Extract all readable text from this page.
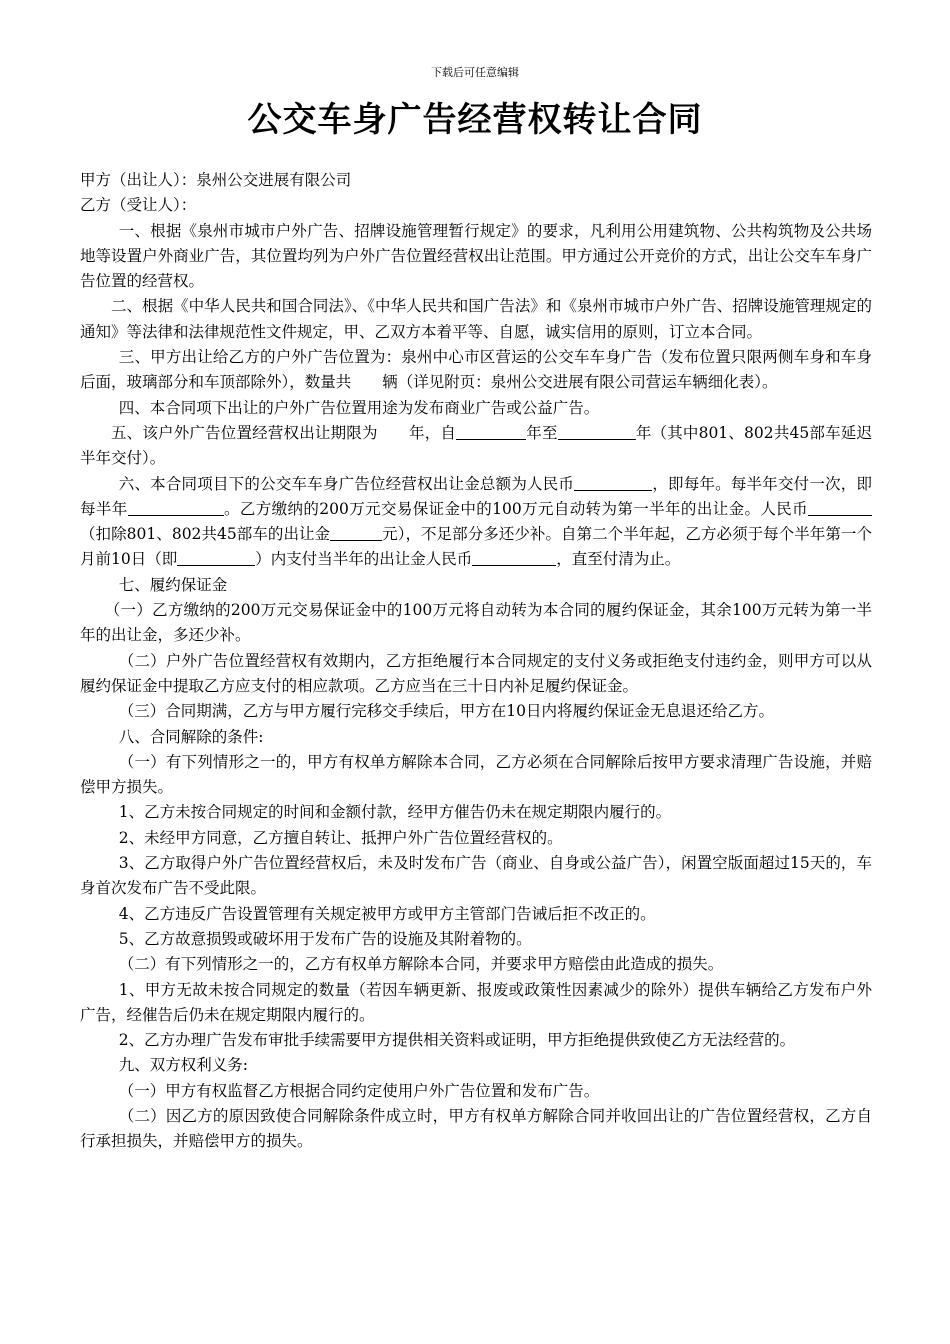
下载后可任意编辑
公交车身广告经营权转让合同

甲方（出让人）：泉州公交进展有限公司

乙方（受让人）：

一、根据《泉州市城市户外广告、招牌设施管理暂行规定》的要求，凡利用公用建筑物、公共构筑物及公共场地等设置户外商业广告，其位置均列为户外广告位置经营权出让范围。甲方通过公开竞价的方式，出让公交车车身广告位置的经营权。

二、根据《中华人民共和国合同法》、《中华人民共和国广告法》和《泉州市城市户外广告、招牌设施管理规定的通知》等法律和法律规范性文件规定，甲、乙双方本着平等、自愿，诚实信用的原则，订立本合同。

三、甲方出让给乙方的户外广告位置为：泉州中心市区营运的公交车车身广告（发布位置只限两侧车身和车身后面，玻璃部分和车顶部除外），数量共　　辆（详见附页：泉州公交进展有限公司营运车辆细化表）。

四、本合同项下出让的户外广告位置用途为发布商业广告或公益广告。

五、该户外广告位置经营权出让期限为　　年，自	年至	年（其中801、802共45部车延迟半年交付）。

六、本合同项目下的公交车车身广告位经营权出让金总额为人民币	，即每年。每半年交付一次，即每半年	。乙方缴纳的200万元交易保证金中的100万元自动转为第一半年的出让金。人民币（扣除801、802共45部车的出让金	元），不足部分多还少补。自第二个半年起，乙方必须于每个半年第一个月前10日（即	）内支付当半年的出让金人民币	，直至付清为止。

七、履约保证金

（一）乙方缴纳的200万元交易保证金中的100万元将自动转为本合同的履约保证金，其余100万元转为第一半年的出让金，多还少补。

（二）户外广告位置经营权有效期内，乙方拒绝履行本合同规定的支付义务或拒绝支付违约金，则甲方可以从履约保证金中提取乙方应支付的相应款项。乙方应当在三十日内补足履约保证金。

（三）合同期满，乙方与甲方履行完移交手续后，甲方在10日内将履约保证金无息退还给乙方。

八、合同解除的条件:

（一）有下列情形之一的，甲方有权单方解除本合同，乙方必须在合同解除后按甲方要求清理广告设施，并赔偿甲方损失。

1、乙方未按合同规定的时间和金额付款，经甲方催告仍未在规定期限内履行的。

2、未经甲方同意，乙方擅自转让、抵押户外广告位置经营权的。

3、乙方取得户外广告位置经营权后，未及时发布广告（商业、自身或公益广告），闲置空版面超过15天的，车身首次发布广告不受此限。

4、乙方违反广告设置管理有关规定被甲方或甲方主管部门告诫后拒不改正的。

5、乙方故意损毁或破坏用于发布广告的设施及其附着物的。

（二）有下列情形之一的，乙方有权单方解除本合同，并要求甲方赔偿由此造成的损失。

1、甲方无故未按合同规定的数量（若因车辆更新、报废或政策性因素减少的除外）提供车辆给乙方发布户外广告，经催告后仍未在规定期限内履行的。

2、乙方办理广告发布审批手续需要甲方提供相关资料或证明，甲方拒绝提供致使乙方无法经营的。

九、双方权利义务:

（一）甲方有权监督乙方根据合同约定使用户外广告位置和发布广告。

（二）因乙方的原因致使合同解除条件成立时，甲方有权单方解除合同并收回出让的广告位置经营权，乙方自行承担损失，并赔偿甲方的损失。
